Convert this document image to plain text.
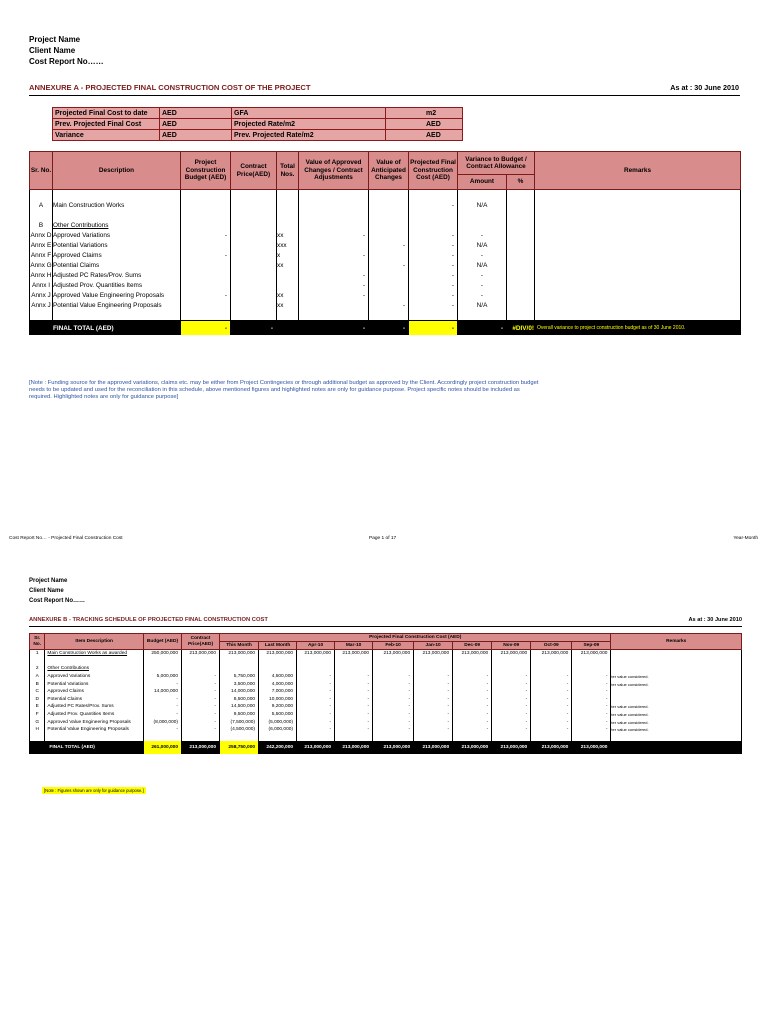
Project Name
Client Name
Cost Report No……
ANNEXURE A - PROJECTED FINAL CONSTRUCTION COST OF THE PROJECT	As at : 30 June 2010
Projected Final Cost to date	AED	GFA	m2
Prev. Projected Final Cost	AED	Projected Rate/m2	AED
Variance	AED	Prev. Projected Rate/m2	AED
Sr. No.	Description	Project Construction Budget (AED)	Contract Price(AED)	Total Nos.	Value of Approved Changes / Contract Adjustments	Value of Anticipated Changes	Projected Final Construction Cost (AED)	Variance to Budget / Contract Allowance		Remarks
								Amount	%	

A	Main Construction Works						-	N/A		

B	Other Contributions									
Annx D	Approved Variations	-		xx	-		-	-		
Annx E	Potential Variations			xxx		-	-	N/A		
Annx F	Approved Claims	-		x	-		-	-		
Annx G	Potential Claims			xx		-	-	N/A		
Annx H	Adjusted PC Rates/Prov. Sums				-		-	-		
Annx I	Adjusted Prov. Quantities Items				-		-	-		
Annx J	Approved Value Engineering Proposals	-		xx	-		-	-		
Annx J	Potential Value Engineering Proposals			xx		-	-	N/A		

	FINAL TOTAL (AED)	-	-		-	-	-	-	#DIV/0!	Overall variance to project construction budget as of 30 June 2010.
[Note : Funding source for the approved variations, claims etc. may be either from Project Contingecies or through additional budget as approved by the Client. Accordingly project construction budget needs to be updated and used for the reconciliation in this schedule, above mentioned figures and highlighted notes are only for guidance purpose. Project specific notes should be included as required. Highlighted notes are only for guidance purpose]
Cost Report No… - Projected Final Construction Cost	Page 1 of 17	Year-Month
Project Name
Client Name
Cost Report No……
ANNEXURE B - TRACKING SCHEDULE OF PROJECTED FINAL CONSTRUCTION COST	As at : 30 June 2010
Sr. No.	Item Description	Budget (AED)	Contract Price(AED)	Projected Final Construction Cost (AED)										Remarks
				This Month	Last Month	Apr-10	Mar-10	Feb-10	Jan-10	Dec-09	Nov-09	Oct-09	Sep-09	
1	Main Construction Works as awarded	250,000,000	213,000,000	213,000,000	213,000,000	213,000,000	213,000,000	213,000,000	213,000,000	213,000,000	213,000,000	213,000,000	213,000,000	

2	Other Contributions													
A	Approved Variations	5,000,000	-	5,750,000	4,500,000	-	-	-	-	-	-	-	-	ter value considered.
B	Potential Variations	-	-	3,500,000	4,000,000	-	-	-	-	-	-	-	-	ter value considered.
C	Approved Claims	14,000,000	-	14,000,000	7,000,000	-	-	-	-	-	-	-	-	
D	Potential Claims	-	-	8,500,000	10,000,000	-	-	-	-	-	-	-	-	
E	Adjusted PC Rates/Prov. Sums	-	-	14,500,000	9,200,000	-	-	-	-	-	-	-	-	ter value considered.
F	Adjusted Prov. Quantities Items	-	-	9,500,000	5,500,000	-	-	-	-	-	-	-	-	ter value considered.
G	Approved Value Engineering Proposals	(8,000,000)	-	(7,500,000)	(5,000,000)	-	-	-	-	-	-	-	-	ter value considered.
H	Potential Value Engineering Proposals	-	-	(4,500,000)	(6,000,000)	-	-	-	-	-	-	-	-	ter value considered.

	FINAL TOTAL (AED)	261,000,000	213,000,000	258,750,000	242,200,000	213,000,000	213,000,000	213,000,000	213,000,000	213,000,000	213,000,000	213,000,000	213,000,000	
[Note : Figures shown are only for guidance purpose.]
